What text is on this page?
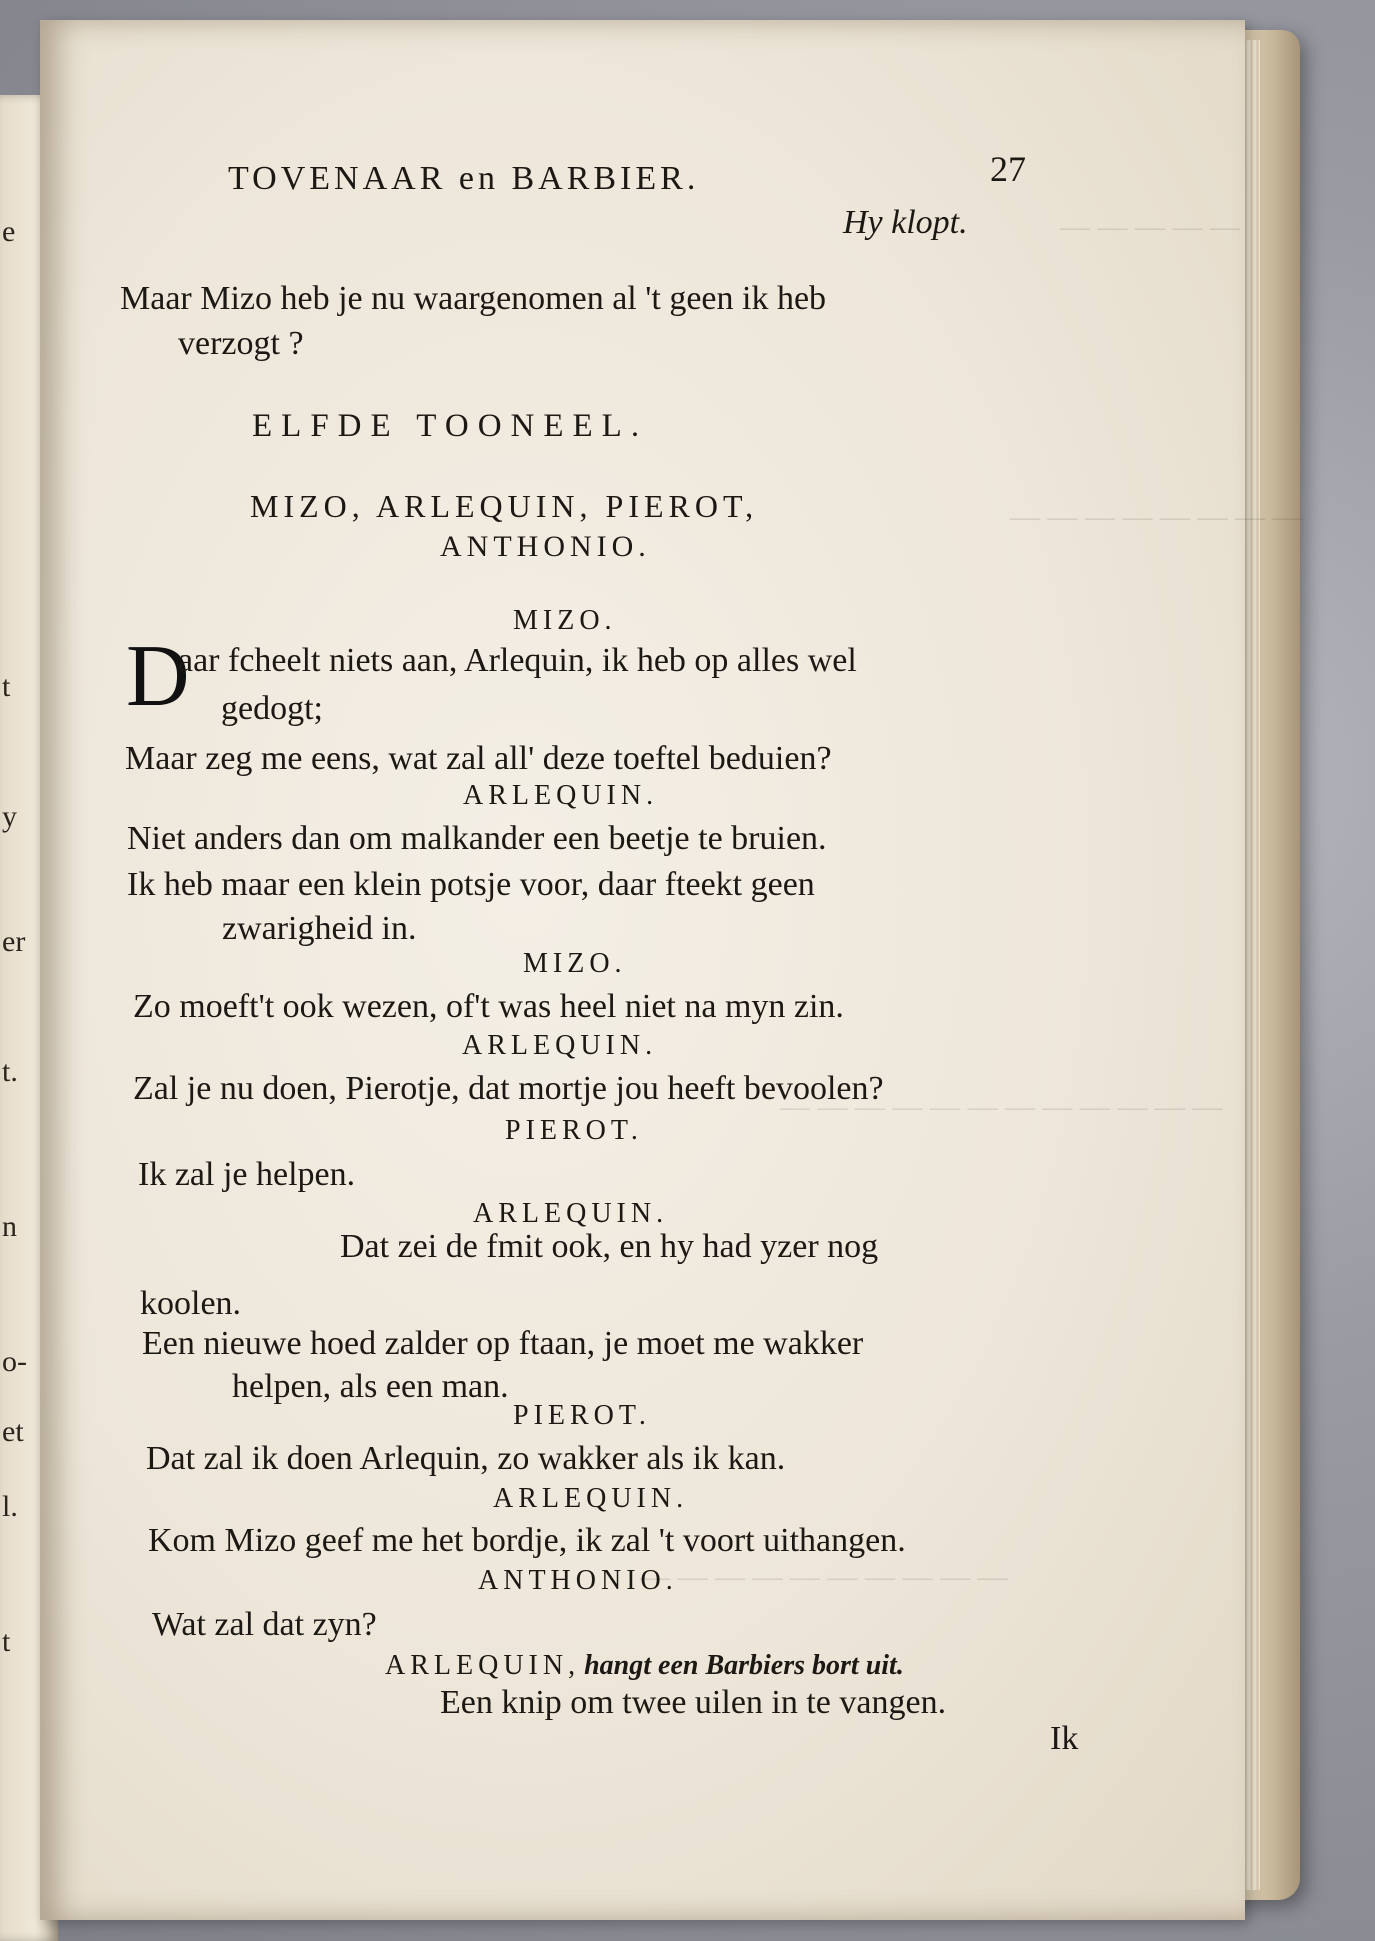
e
t
y
er
t.
n
o-
et
l.
t
— — — — —
— — — — — — — —
— — — — — — — — — — — —
— — — — — — — — — —
TOVENAAR en BARBIER.	27
Hy klopt.
Maar Mizo heb je nu waargenomen al 't geen ik heb
verzogt ?
ELFDE TOONEEL.
MIZO, ARLEQUIN, PIEROT,
ANTHONIO.
MIZO.
D
aar fcheelt niets aan, Arlequin, ik heb op alles wel
gedogt;
Maar zeg me eens, wat zal all' deze toeftel beduien?
ARLEQUIN.
Niet anders dan om malkander een beetje te bruien.
Ik heb maar een klein potsje voor, daar fteekt geen
zwarigheid in.
MIZO.
Zo moeft't ook wezen, of't was heel niet na myn zin.
ARLEQUIN.
Zal je nu doen, Pierotje, dat mortje jou heeft bevoolen?
PIEROT.
Ik zal je helpen.
ARLEQUIN.
Dat zei de fmit ook, en hy had yzer nog
koolen.
Een nieuwe hoed zalder op ftaan, je moet me wakker
helpen, als een man.
PIEROT.
Dat zal ik doen Arlequin, zo wakker als ik kan.
ARLEQUIN.
Kom Mizo geef me het bordje, ik zal 't voort uithangen.
ANTHONIO.
Wat zal dat zyn?
ARLEQUIN, hangt een Barbiers bort uit.
Een knip om twee uilen in te vangen.
Ik
